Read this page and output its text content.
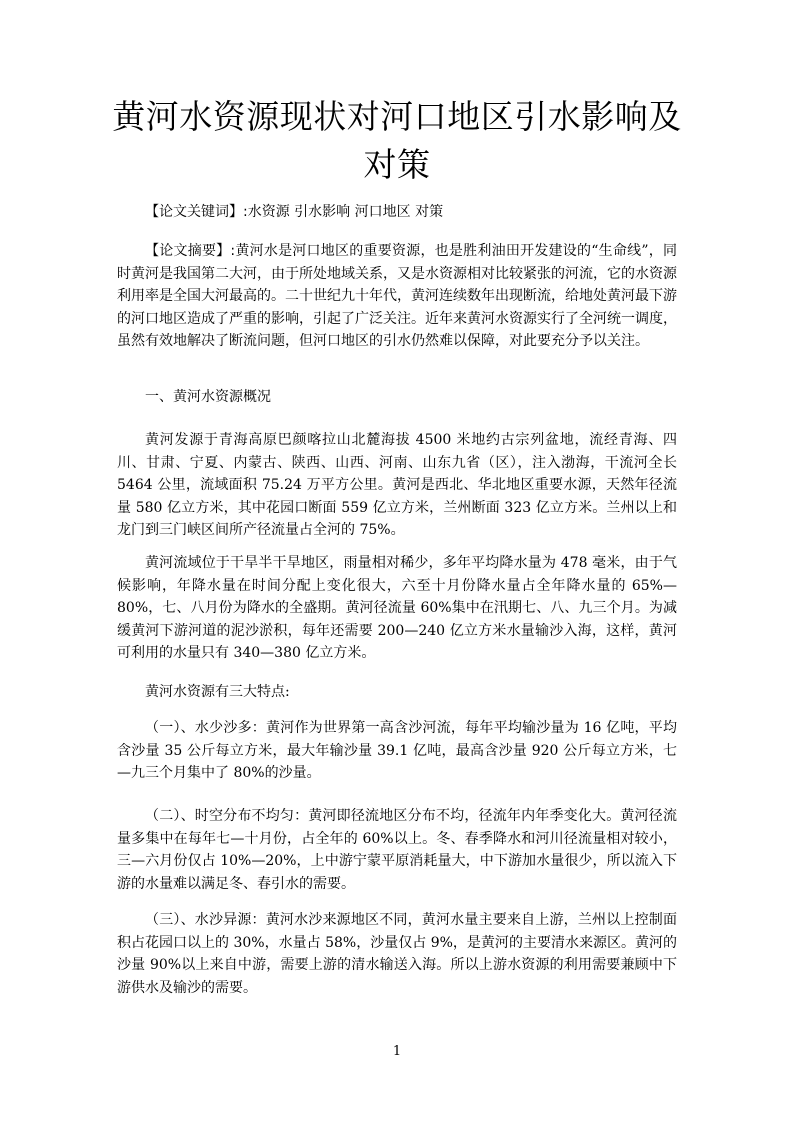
黄河水资源现状对河口地区引水影响及对策

【论文关键词】:水资源 引水影响 河口地区 对策

【论文摘要】:黄河水是河口地区的重要资源，也是胜利油田开发建设的“生命线”，同时黄河是我国第二大河，由于所处地域关系，又是水资源相对比较紧张的河流，它的水资源利用率是全国大河最高的。二十世纪九十年代，黄河连续数年出现断流，给地处黄河最下游的河口地区造成了严重的影响，引起了广泛关注。近年来黄河水资源实行了全河统一调度，虽然有效地解决了断流问题，但河口地区的引水仍然难以保障，对此要充分予以关注。

一、黄河水资源概况

黄河发源于青海高原巴颜喀拉山北麓海拔 4500 米地约古宗列盆地，流经青海、四川、甘肃、宁夏、内蒙古、陕西、山西、河南、山东九省（区），注入渤海，干流河全长 5464 公里，流域面积 75.24 万平方公里。黄河是西北、华北地区重要水源，天然年径流量 580 亿立方米，其中花园口断面 559 亿立方米，兰州断面 323 亿立方米。兰州以上和龙门到三门峡区间所产径流量占全河的 75%。

黄河流域位于干旱半干旱地区，雨量相对稀少，多年平均降水量为 478 毫米，由于气候影响，年降水量在时间分配上变化很大，六至十月份降水量占全年降水量的 65%—80%，七、八月份为降水的全盛期。黄河径流量 60%集中在汛期七、八、九三个月。为减缓黄河下游河道的泥沙淤积，每年还需要 200—240 亿立方米水量输沙入海，这样，黄河可利用的水量只有 340—380 亿立方米。

黄河水资源有三大特点:

（一）、水少沙多：黄河作为世界第一高含沙河流，每年平均输沙量为 16 亿吨，平均含沙量 35 公斤每立方米，最大年输沙量 39.1 亿吨，最高含沙量 920 公斤每立方米，七—九三个月集中了 80%的沙量。

（二）、时空分布不均匀：黄河即径流地区分布不均，径流年内年季变化大。黄河径流量多集中在每年七—十月份，占全年的 60%以上。冬、春季降水和河川径流量相对较小，三—六月份仅占 10%—20%，上中游宁蒙平原消耗量大，中下游加水量很少，所以流入下游的水量难以满足冬、春引水的需要。

（三）、水沙异源：黄河水沙来源地区不同，黄河水量主要来自上游，兰州以上控制面积占花园口以上的 30%，水量占 58%，沙量仅占 9%，是黄河的主要清水来源区。黄河的沙量 90%以上来自中游，需要上游的清水输送入海。所以上游水资源的利用需要兼顾中下游供水及输沙的需要。

1
